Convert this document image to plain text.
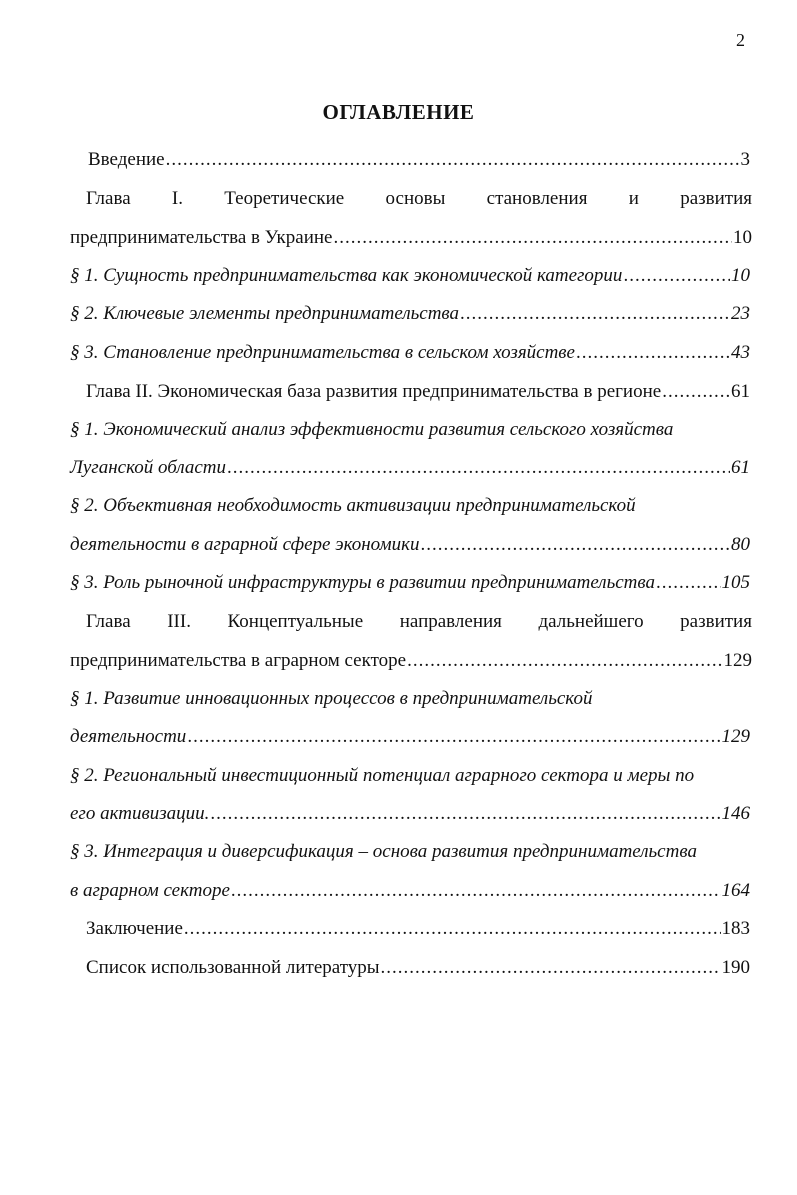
2
ОГЛАВЛЕНИЕ
Введение .....	3
Глава I. Теоретические основы становления и развития
предпринимательства в Украине .....	10
§ 1. Сущность предпринимательства как экономической категории .....	10
§ 2. Ключевые элементы предпринимательства .....	23
§ 3. Становление предпринимательства в сельском хозяйстве .....	43
Глава II. Экономическая база развития предпринимательства в регионе .....	61
§ 1. Экономический анализ эффективности развития сельского хозяйства
Луганской области .....	61
§ 2. Объективная необходимость активизации предпринимательской
деятельности в аграрной сфере экономики .....	80
§ 3. Роль рыночной инфраструктуры в развитии предпринимательства .....	105
Глава III. Концептуальные направления дальнейшего развития
предпринимательства в аграрном секторе .....	129
§ 1. Развитие инновационных процессов в предпринимательской
деятельности .....	129
§ 2. Региональный инвестиционный потенциал аграрного сектора и меры по
его активизации. .....	146
§ 3. Интеграция и диверсификация – основа развития предпринимательства
в аграрном секторе .....	164
Заключение .....	183
Список использованной литературы .....	190
